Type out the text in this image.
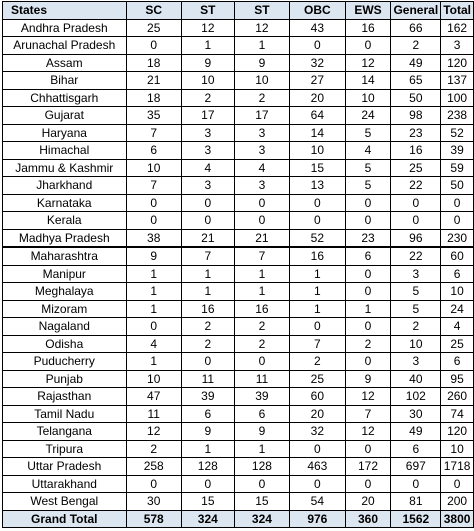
States	SC	ST	ST	OBC	EWS	General	Total
Andhra Pradesh	25	12	12	43	16	66	162
Arunachal Pradesh	0	1	1	0	0	2	3
Assam	18	9	9	32	12	49	120
Bihar	21	10	10	27	14	65	137
Chhattisgarh	18	2	2	20	10	50	100
Gujarat	35	17	17	64	24	98	238
Haryana	7	3	3	14	5	23	52
Himachal	6	3	3	10	4	16	39
Jammu & Kashmir	10	4	4	15	5	25	59
Jharkhand	7	3	3	13	5	22	50
Karnataka	0	0	0	0	0	0	0
Kerala	0	0	0	0	0	0	0
Madhya Pradesh	38	21	21	52	23	96	230
Maharashtra	9	7	7	16	6	22	60
Manipur	1	1	1	1	0	3	6
Meghalaya	1	1	1	1	0	5	10
Mizoram	1	16	16	1	1	5	24
Nagaland	0	2	2	0	0	2	4
Odisha	4	2	2	7	2	10	25
Puducherry	1	0	0	2	0	3	6
Punjab	10	11	11	25	9	40	95
Rajasthan	47	39	39	60	12	102	260
Tamil Nadu	11	6	6	20	7	30	74
Telangana	12	9	9	32	12	49	120
Tripura	2	1	1	0	0	6	10
Uttar Pradesh	258	128	128	463	172	697	1718
Uttarakhand	0	0	0	0	0	0	0
West Bengal	30	15	15	54	20	81	200
Grand Total	578	324	324	976	360	1562	3800
